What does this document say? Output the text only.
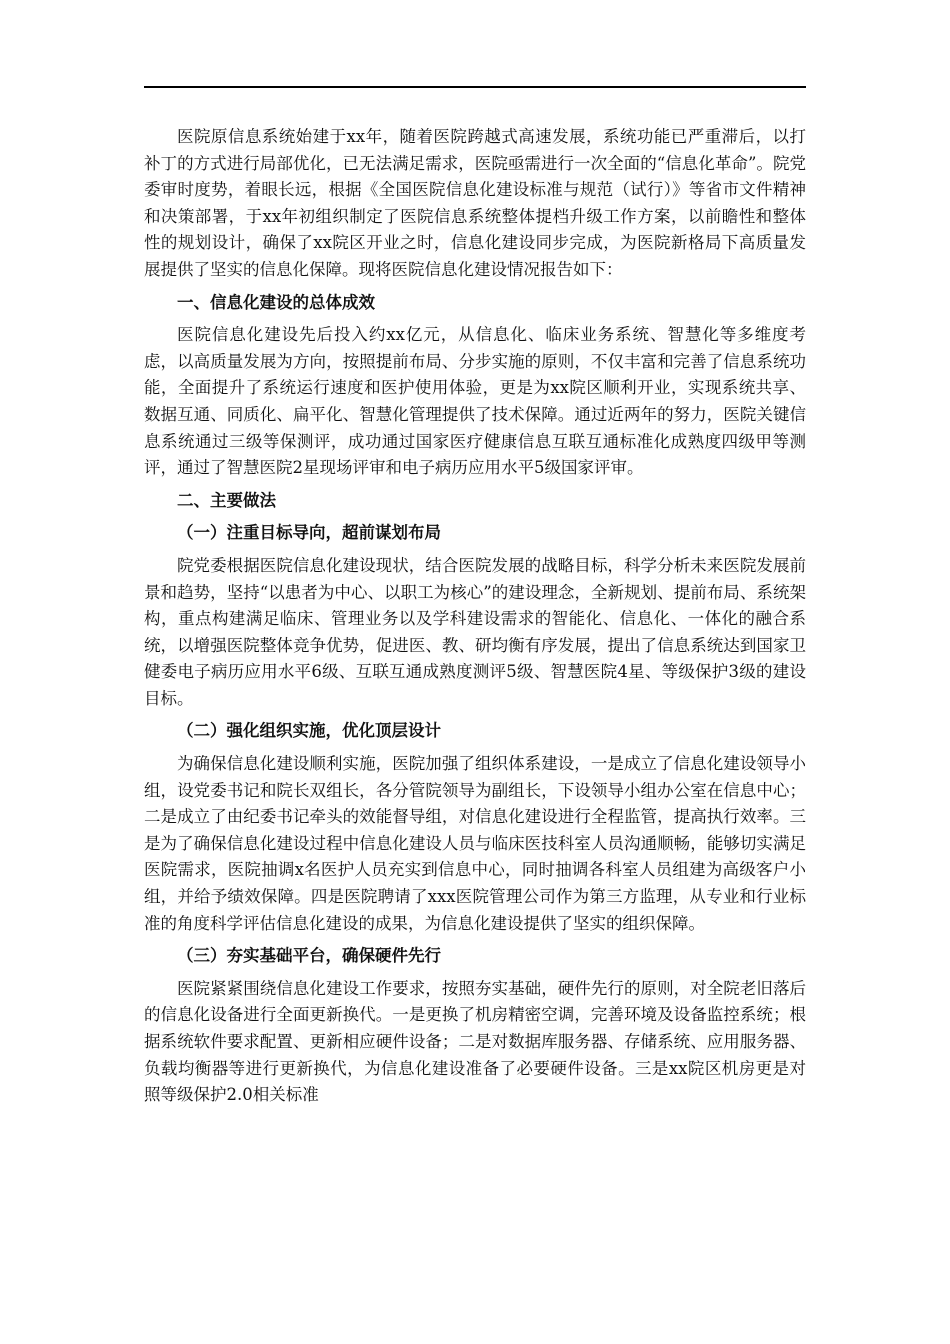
医院原信息系统始建于xx年，随着医院跨越式高速发展，系统功能已严重滞后，以打补丁的方式进行局部优化，已无法满足需求，医院亟需进行一次全面的“信息化革命”。院党委审时度势，着眼长远，根据《全国医院信息化建设标准与规范（试行）》等省市文件精神和决策部署，于xx年初组织制定了医院信息系统整体提档升级工作方案，以前瞻性和整体性的规划设计，确保了xx院区开业之时，信息化建设同步完成，为医院新格局下高质量发展提供了坚实的信息化保障。现将医院信息化建设情况报告如下：

一、信息化建设的总体成效

医院信息化建设先后投入约xx亿元，从信息化、临床业务系统、智慧化等多维度考虑，以高质量发展为方向，按照提前布局、分步实施的原则，不仅丰富和完善了信息系统功能，全面提升了系统运行速度和医护使用体验，更是为xx院区顺利开业，实现系统共享、数据互通、同质化、扁平化、智慧化管理提供了技术保障。通过近两年的努力，医院关键信息系统通过三级等保测评，成功通过国家医疗健康信息互联互通标准化成熟度四级甲等测评，通过了智慧医院2星现场评审和电子病历应用水平5级国家评审。

二、主要做法

（一）注重目标导向，超前谋划布局

院党委根据医院信息化建设现状，结合医院发展的战略目标，科学分析未来医院发展前景和趋势，坚持“以患者为中心、以职工为核心”的建设理念，全新规划、提前布局、系统架构，重点构建满足临床、管理业务以及学科建设需求的智能化、信息化、一体化的融合系统，以增强医院整体竞争优势，促进医、教、研均衡有序发展，提出了信息系统达到国家卫健委电子病历应用水平6级、互联互通成熟度测评5级、智慧医院4星、等级保护3级的建设目标。

（二）强化组织实施，优化顶层设计

为确保信息化建设顺利实施，医院加强了组织体系建设，一是成立了信息化建设领导小组，设党委书记和院长双组长，各分管院领导为副组长，下设领导小组办公室在信息中心；二是成立了由纪委书记牵头的效能督导组，对信息化建设进行全程监管，提高执行效率。三是为了确保信息化建设过程中信息化建设人员与临床医技科室人员沟通顺畅，能够切实满足医院需求，医院抽调x名医护人员充实到信息中心，同时抽调各科室人员组建为高级客户小组，并给予绩效保障。四是医院聘请了xxx医院管理公司作为第三方监理，从专业和行业标准的角度科学评估信息化建设的成果，为信息化建设提供了坚实的组织保障。

（三）夯实基础平台，确保硬件先行

医院紧紧围绕信息化建设工作要求，按照夯实基础，硬件先行的原则，对全院老旧落后的信息化设备进行全面更新换代。一是更换了机房精密空调，完善环境及设备监控系统；根据系统软件要求配置、更新相应硬件设备；二是对数据库服务器、存储系统、应用服务器、负载均衡器等进行更新换代，为信息化建设准备了必要硬件设备。三是xx院区机房更是对照等级保护2.0相关标准
